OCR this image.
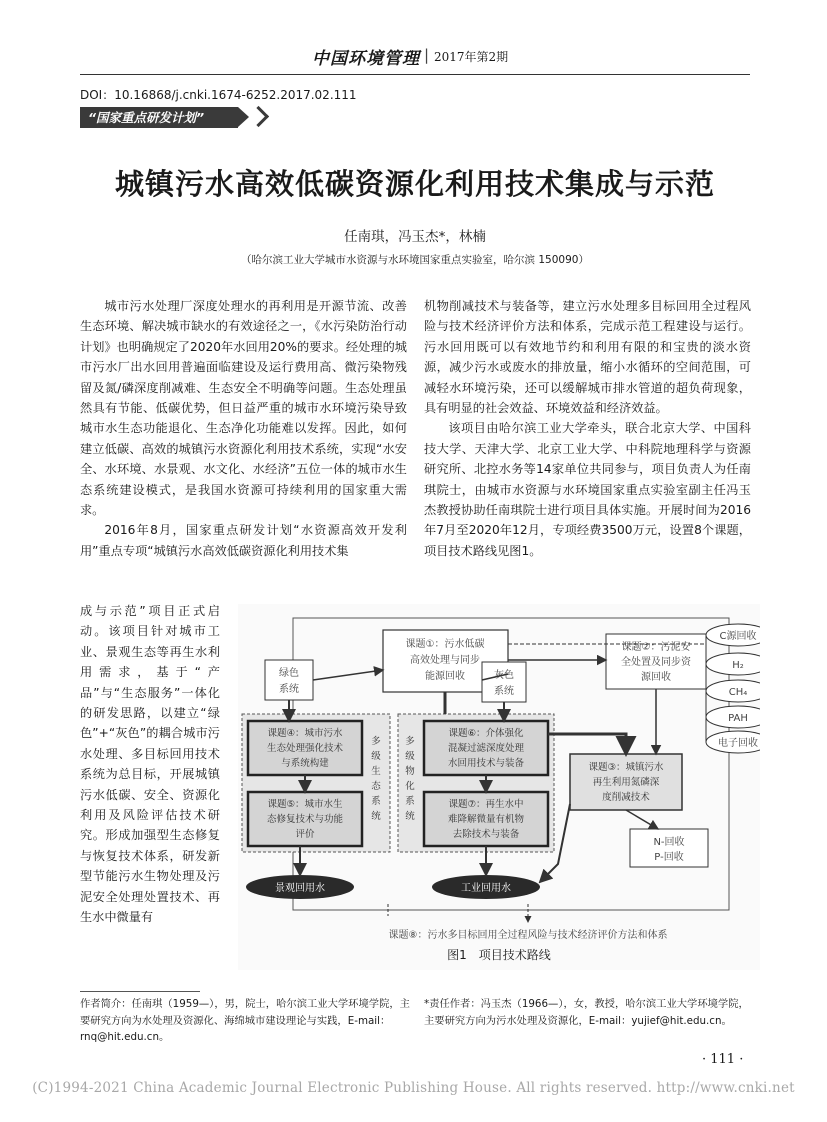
中国环境管理 | 2017年第2期
DOI：10.16868/j.cnki.1674-6252.2017.02.111
“国家重点研发计划”
城镇污水高效低碳资源化利用技术集成与示范
任南琪，冯玉杰*，林楠
（哈尔滨工业大学城市水资源与水环境国家重点实验室，哈尔滨 150090）
城市污水处理厂深度处理水的再利用是开源节流、改善生态环境、解决城市缺水的有效途径之一，《水污染防治行动计划》也明确规定了2020年水回用20%的要求。经处理的城市污水厂出水回用普遍面临建设及运行费用高、微污染物残留及氮/磷深度削减难、生态安全不明确等问题。生态处理虽然具有节能、低碳优势，但日益严重的城市水环境污染导致城市水生态功能退化、生态净化功能难以发挥。因此，如何建立低碳、高效的城镇污水资源化利用技术系统，实现“水安全、水环境、水景观、水文化、水经济”五位一体的城市水生态系统建设模式，是我国水资源可持续利用的国家重大需求。
2016年8月，国家重点研发计划“水资源高效开发利用”重点专项“城镇污水高效低碳资源化利用技术集
成与示范”项目正式启动。该项目针对城市工业、景观生态等再生水利用需求，基于“产品”与“生态服务”一体化的研发思路，以建立“绿色”+“灰色”的耦合城市污水处理、多目标回用技术系统为总目标，开展城镇污水低碳、安全、资源化利用及风险评估技术研究。形成加强型生态修复与恢复技术体系，研发新型节能污水生物处理及污泥安全处理处置技术、再生水中微量有
机物削减技术与装备等，建立污水处理多目标回用全过程风险与技术经济评价方法和体系，完成示范工程建设与运行。污水回用既可以有效地节约和利用有限的和宝贵的淡水资源，减少污水或废水的排放量，缩小水循环的空间范围，可减轻水环境污染，还可以缓解城市排水管道的超负荷现象，具有明显的社会效益、环境效益和经济效益。
该项目由哈尔滨工业大学牵头，联合北京大学、中国科技大学、天津大学、北京工业大学、中科院地理科学与资源研究所、北控水务等14家单位共同参与，项目负责人为任南琪院士，由城市水资源与水环境国家重点实验室副主任冯玉杰教授协助任南琪院士进行项目具体实施。开展时间为2016年7月至2020年12月，专项经费3500万元，设置8个课题，项目技术路线见图1。
课题①：污水低碳
高效处理与同步
能源回收
课题②：污泥安
全处置及同步资
源回收
绿色
系统
灰色
系统
C源回收
H₂
CH₄
PAH
电子回收
课题④：城市污水
生态处理强化技术
与系统构建
课题⑤：城市水生
态修复技术与功能
评价
多
级
生
态
系
统
多
级
物
化
系
统
课题⑥：介体强化
混凝过滤深度处理
水回用技术与装备
课题⑦：再生水中
难降解微量有机物
去除技术与装备
课题③：城镇污水
再生利用氮磷深
度削减技术
N-回收
P-回收
景观回用水	工业回用水
课题⑧：污水多目标回用全过程风险与技术经济评价方法和体系
图1　项目技术路线
作者简介：任南琪（1959—），男，院士，哈尔滨工业大学环境学院，主要研究方向为水处理及资源化、海绵城市建设理论与实践，E-mail：rnq@hit.edu.cn。
*责任作者：冯玉杰（1966—），女，教授，哈尔滨工业大学环境学院，主要研究方向为污水处理及资源化，E-mail：yujief@hit.edu.cn。
· 111 ·
(C)1994-2021 China Academic Journal Electronic Publishing House. All rights reserved. http://www.cnki.net
